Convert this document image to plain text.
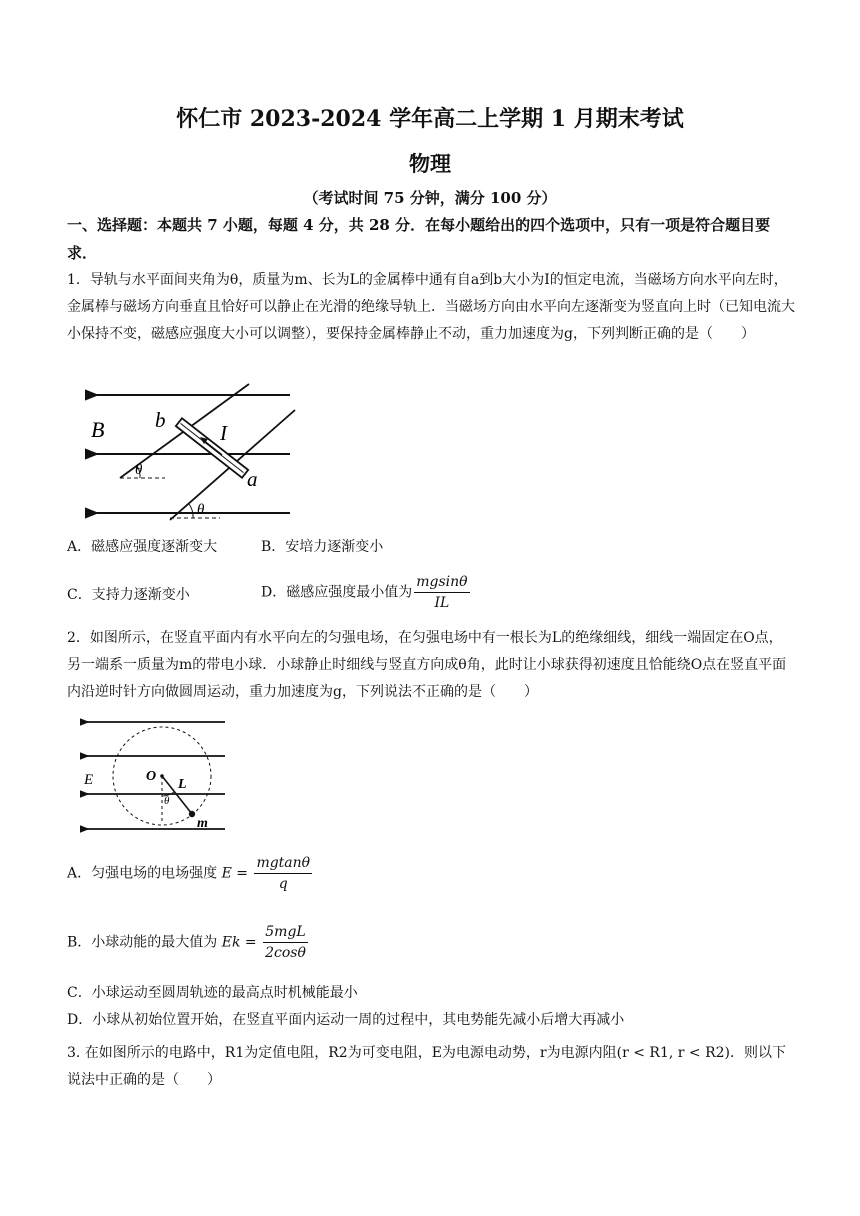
怀仁市 2023-2024 学年高二上学期 1 月期末考试
物理
（考试时间 75 分钟，满分 100 分）
一、选择题：本题共 7 小题，每题 4 分，共 28 分．在每小题给出的四个选项中，只有一项是符合题目要求．
1．导轨与水平面间夹角为θ，质量为m、长为L的金属棒中通有自a到b大小为I的恒定电流，当磁场方向水平向左时，金属棒与磁场方向垂直且恰好可以静止在光滑的绝缘导轨上．当磁场方向由水平向左逐渐变为竖直向上时（已知电流大小保持不变，磁感应强度大小可以调整），要保持金属棒静止不动，重力加速度为g，下列判断正确的是（　　）
B b
I
a
θ
θ
A．磁感应强度逐渐变大	B．安培力逐渐变小
C．支持力逐渐变小	D．磁感应强度最小值为 $\frac{mgsin\theta}{IL}$
2．如图所示，在竖直平面内有水平向左的匀强电场，在匀强电场中有一根长为L的绝缘细线，细线一端固定在O点，另一端系一质量为m的带电小球．小球静止时细线与竖直方向成θ角，此时让小球获得初速度且恰能绕O点在竖直平面内沿逆时针方向做圆周运动，重力加速度为g，下列说法不正确的是（　　）
E	O
L
θ
m
A．匀强电场的电场强度 $E = \frac{mgtan\theta}{q}$
B．小球动能的最大值为 $Ek = \frac{\text{5mgL}}{2\cos\theta}$
C．小球运动至圆周轨迹的最高点时机械能最小
D．小球从初始位置开始，在竖直平面内运动一周的过程中，其电势能先减小后增大再减小
3. 在如图所示的电路中，R1为定值电阻，R2为可变电阻，E为电源电动势，r为电源内阻(r < R1, r < R2)．则以下说法中正确的是（　　）
